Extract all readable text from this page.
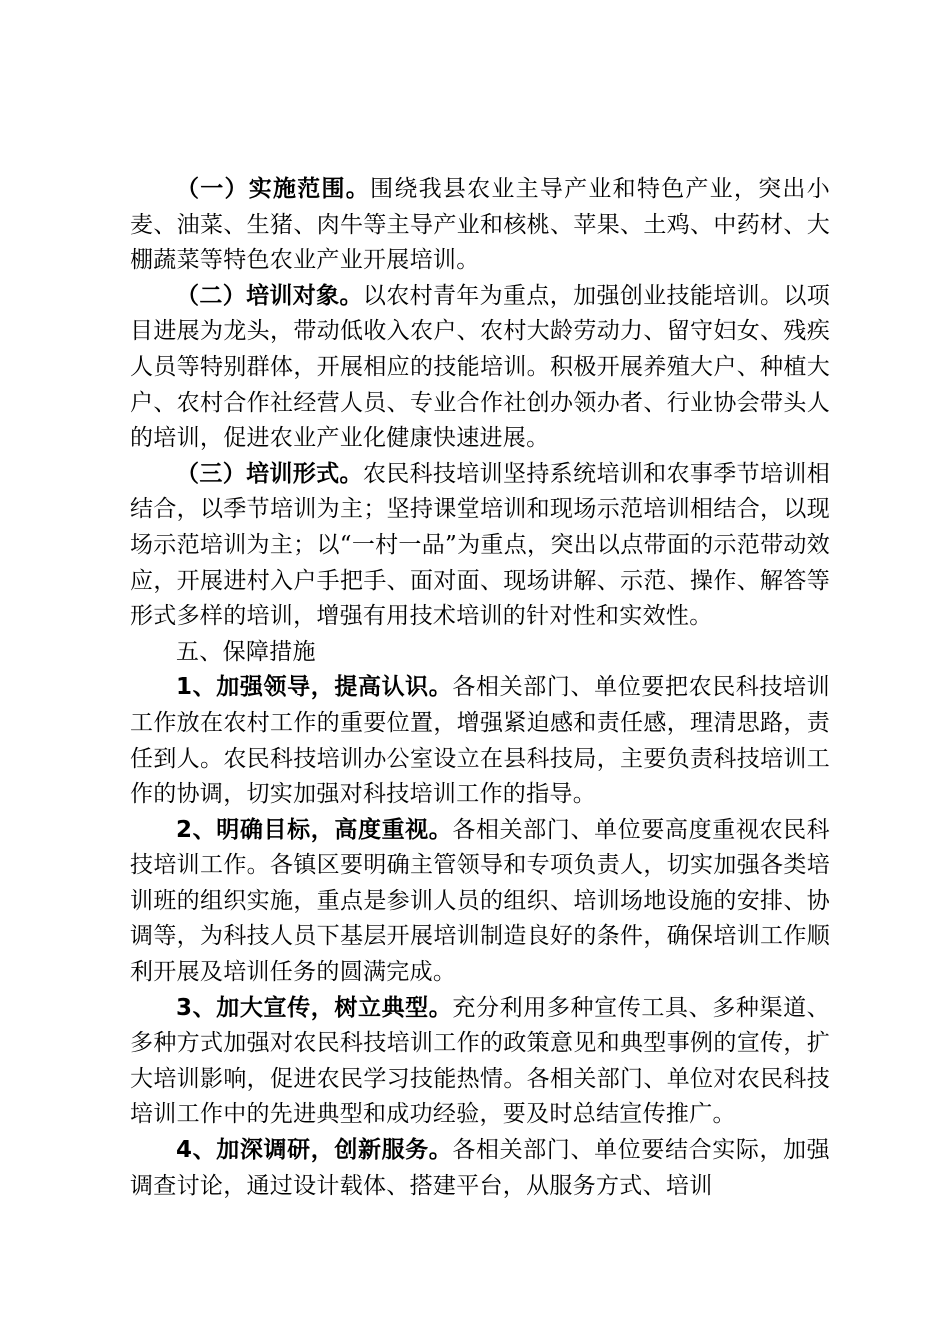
（一）实施范围。围绕我县农业主导产业和特色产业，突出小麦、油菜、生猪、肉牛等主导产业和核桃、苹果、土鸡、中药材、大棚蔬菜等特色农业产业开展培训。

（二）培训对象。以农村青年为重点，加强创业技能培训。以项目进展为龙头，带动低收入农户、农村大龄劳动力、留守妇女、残疾人员等特别群体，开展相应的技能培训。积极开展养殖大户、种植大户、农村合作社经营人员、专业合作社创办领办者、行业协会带头人的培训，促进农业产业化健康快速进展。

（三）培训形式。农民科技培训坚持系统培训和农事季节培训相结合，以季节培训为主；坚持课堂培训和现场示范培训相结合，以现场示范培训为主；以“一村一品”为重点，突出以点带面的示范带动效应，开展进村入户手把手、面对面、现场讲解、示范、操作、解答等形式多样的培训，增强有用技术培训的针对性和实效性。

五、保障措施

1、加强领导，提高认识。各相关部门、单位要把农民科技培训工作放在农村工作的重要位置，增强紧迫感和责任感，理清思路，责任到人。农民科技培训办公室设立在县科技局，主要负责科技培训工作的协调，切实加强对科技培训工作的指导。

2、明确目标，高度重视。各相关部门、单位要高度重视农民科技培训工作。各镇区要明确主管领导和专项负责人，切实加强各类培训班的组织实施，重点是参训人员的组织、培训场地设施的安排、协调等，为科技人员下基层开展培训制造良好的条件，确保培训工作顺利开展及培训任务的圆满完成。

3、加大宣传，树立典型。充分利用多种宣传工具、多种渠道、多种方式加强对农民科技培训工作的政策意见和典型事例的宣传，扩大培训影响，促进农民学习技能热情。各相关部门、单位对农民科技培训工作中的先进典型和成功经验，要及时总结宣传推广。

4、加深调研，创新服务。各相关部门、单位要结合实际，加强调查讨论，通过设计载体、搭建平台，从服务方式、培训
